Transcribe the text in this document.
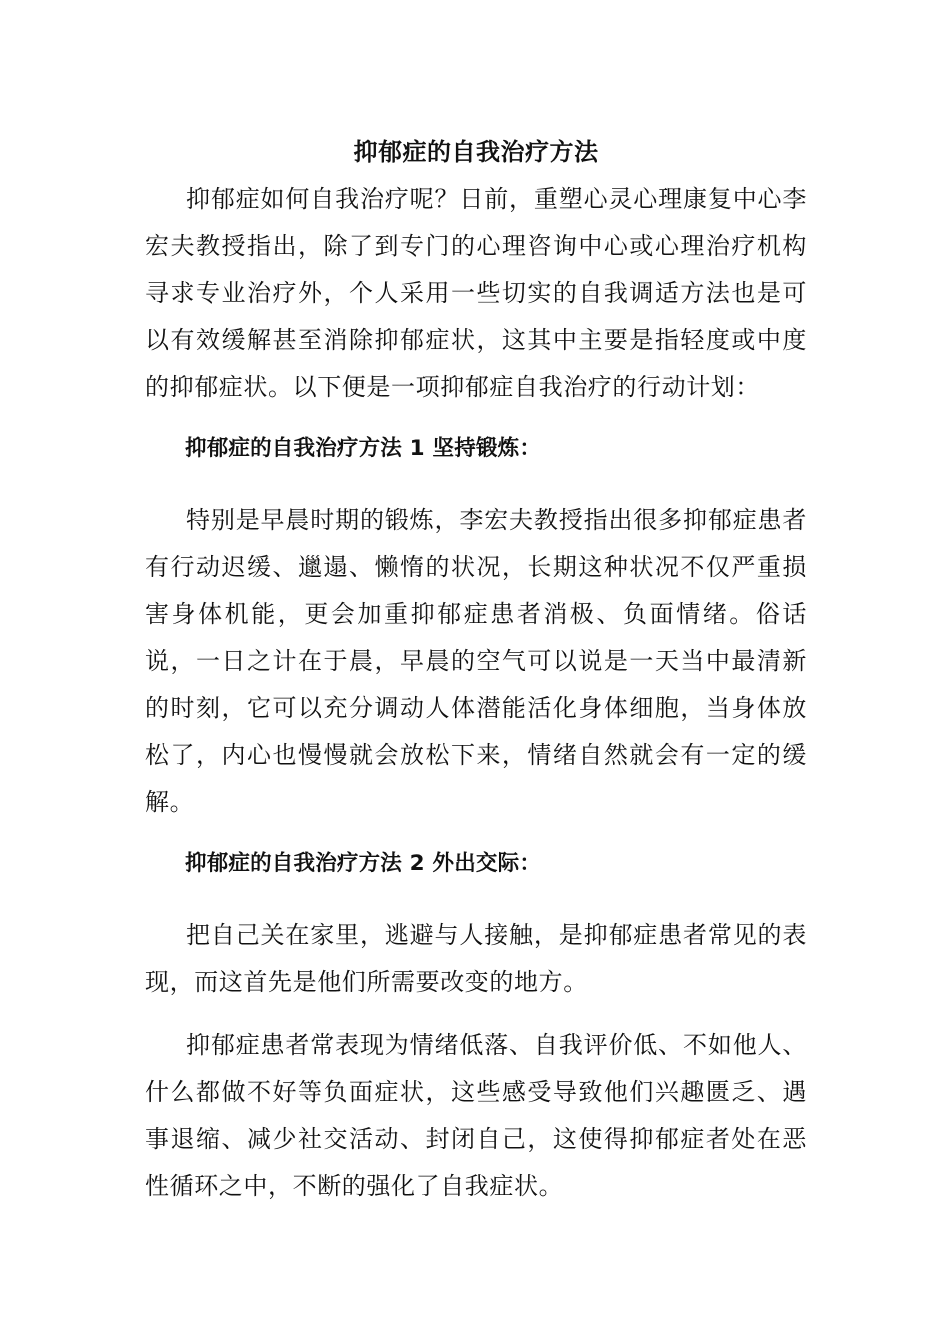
抑郁症的自我治疗方法

抑郁症如何自我治疗呢？日前，重塑心灵心理康复中心李宏夫教授指出，除了到专门的心理咨询中心或心理治疗机构寻求专业治疗外，个人采用一些切实的自我调适方法也是可以有效缓解甚至消除抑郁症状，这其中主要是指轻度或中度的抑郁症状。以下便是一项抑郁症自我治疗的行动计划：

抑郁症的自我治疗方法 1 坚持锻炼：

特别是早晨时期的锻炼，李宏夫教授指出很多抑郁症患者有行动迟缓、邋遢、懒惰的状况，长期这种状况不仅严重损害身体机能，更会加重抑郁症患者消极、负面情绪。俗话说，一日之计在于晨，早晨的空气可以说是一天当中最清新的时刻，它可以充分调动人体潜能活化身体细胞，当身体放松了，内心也慢慢就会放松下来，情绪自然就会有一定的缓解。

抑郁症的自我治疗方法 2 外出交际：

把自己关在家里，逃避与人接触，是抑郁症患者常见的表现，而这首先是他们所需要改变的地方。

抑郁症患者常表现为情绪低落、自我评价低、不如他人、什么都做不好等负面症状，这些感受导致他们兴趣匮乏、遇事退缩、减少社交活动、封闭自己，这使得抑郁症者处在恶性循环之中，不断的强化了自我症状。
